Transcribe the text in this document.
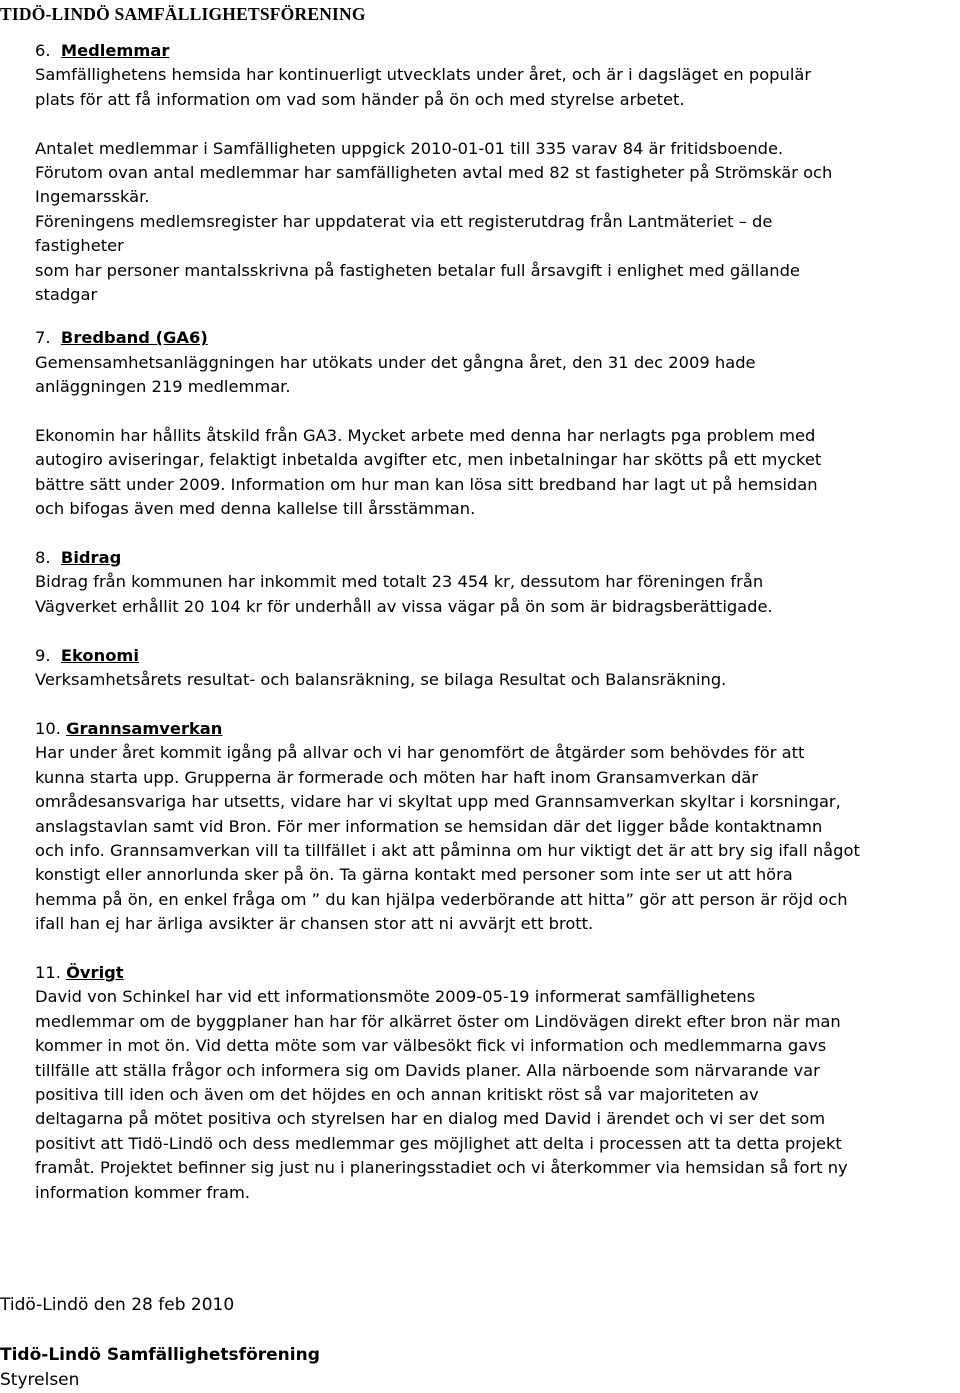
TIDÖ-LINDÖ SAMFÄLLIGHETSFÖRENING
6. Medlemmar
Samfällighetens hemsida har kontinuerligt utvecklats under året, och är i dagsläget en populär
plats för att få information om vad som händer på ön och med styrelse arbetet.
Antalet medlemmar i Samfälligheten uppgick 2010-01-01 till 335 varav 84 är fritidsboende.
Förutom ovan antal medlemmar har samfälligheten avtal med 82 st fastigheter på Strömskär och
Ingemarsskär.
Föreningens medlemsregister har uppdaterat via ett registerutdrag från Lantmäteriet – de
fastigheter
som har personer mantalsskrivna på fastigheten betalar full årsavgift i enlighet med gällande
stadgar
7. Bredband (GA6)
Gemensamhetsanläggningen har utökats under det gångna året, den 31 dec 2009 hade
anläggningen 219 medlemmar.
Ekonomin har hållits åtskild från GA3. Mycket arbete med denna har nerlagts pga problem med
autogiro aviseringar, felaktigt inbetalda avgifter etc, men inbetalningar har skötts på ett mycket
bättre sätt under 2009. Information om hur man kan lösa sitt bredband har lagt ut på hemsidan
och bifogas även med denna kallelse till årsstämman.
8. Bidrag
Bidrag från kommunen har inkommit med totalt 23 454 kr, dessutom har föreningen från
Vägverket erhållit 20 104 kr för underhåll av vissa vägar på ön som är bidragsberättigade.
9. Ekonomi
Verksamhetsårets resultat- och balansräkning, se bilaga Resultat och Balansräkning.
10. Grannsamverkan
Har under året kommit igång på allvar och vi har genomfört de åtgärder som behövdes för att
kunna starta upp. Grupperna är formerade och möten har haft inom Gransamverkan där
områdesansvariga har utsetts, vidare har vi skyltat upp med Grannsamverkan skyltar i korsningar,
anslagstavlan samt vid Bron. För mer information se hemsidan där det ligger både kontaktnamn
och info. Grannsamverkan vill ta tillfället i akt att påminna om hur viktigt det är att bry sig ifall något
konstigt eller annorlunda sker på ön. Ta gärna kontakt med personer som inte ser ut att höra
hemma på ön, en enkel fråga om ” du kan hjälpa vederbörande att hitta” gör att person är röjd och
ifall han ej har ärliga avsikter är chansen stor att ni avvärjt ett brott.
11. Övrigt
David von Schinkel har vid ett informationsmöte 2009-05-19 informerat samfällighetens
medlemmar om de byggplaner han har för alkärret öster om Lindövägen direkt efter bron när man
kommer in mot ön. Vid detta möte som var välbesökt fick vi information och medlemmarna gavs
tillfälle att ställa frågor och informera sig om Davids planer. Alla närboende som närvarande var
positiva till iden och även om det höjdes en och annan kritiskt röst så var majoriteten av
deltagarna på mötet positiva och styrelsen har en dialog med David i ärendet och vi ser det som
positivt att Tidö-Lindö och dess medlemmar ges möjlighet att delta i processen att ta detta projekt
framåt. Projektet befinner sig just nu i planeringsstadiet och vi återkommer via hemsidan så fort ny
information kommer fram.
Tidö-Lindö den 28 feb 2010
Tidö-Lindö Samfällighetsförening
Styrelsen
